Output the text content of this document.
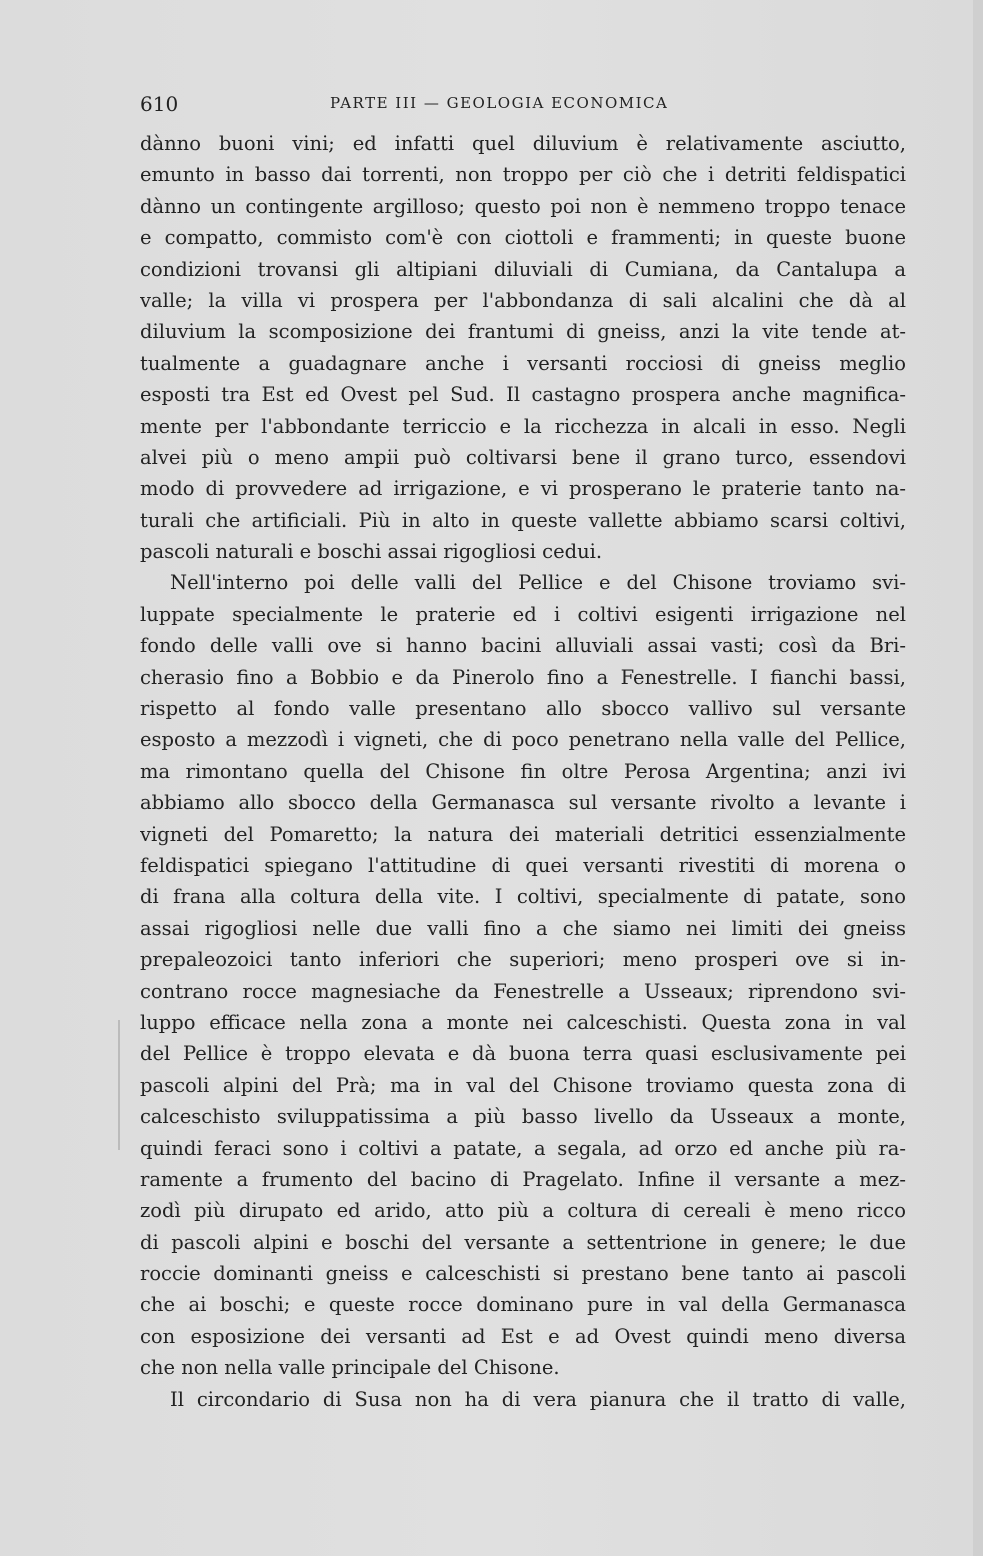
610	PARTE III — GEOLOGIA ECONOMICA
dànno buoni vini; ed infatti quel diluvium è relativamente asciutto,
emunto in basso dai torrenti, non troppo per ciò che i detriti feldispatici
dànno un contingente argilloso; questo poi non è nemmeno troppo tenace
e compatto, commisto com'è con ciottoli e frammenti; in queste buone
condizioni trovansi gli altipiani diluviali di Cumiana, da Cantalupa a
valle; la villa vi prospera per l'abbondanza di sali alcalini che dà al
diluvium la scomposizione dei frantumi di gneiss, anzi la vite tende at-
tualmente a guadagnare anche i versanti rocciosi di gneiss meglio
esposti tra Est ed Ovest pel Sud. Il castagno prospera anche magnifica-
mente per l'abbondante terriccio e la ricchezza in alcali in esso. Negli
alvei più o meno ampii può coltivarsi bene il grano turco, essendovi
modo di provvedere ad irrigazione, e vi prosperano le praterie tanto na-
turali che artificiali. Più in alto in queste vallette abbiamo scarsi coltivi,
pascoli naturali e boschi assai rigogliosi cedui.
Nell'interno poi delle valli del Pellice e del Chisone troviamo svi-
luppate specialmente le praterie ed i coltivi esigenti irrigazione nel
fondo delle valli ove si hanno bacini alluviali assai vasti; così da Bri-
cherasio fino a Bobbio e da Pinerolo fino a Fenestrelle. I fianchi bassi,
rispetto al fondo valle presentano allo sbocco vallivo sul versante
esposto a mezzodì i vigneti, che di poco penetrano nella valle del Pellice,
ma rimontano quella del Chisone fin oltre Perosa Argentina; anzi ivi
abbiamo allo sbocco della Germanasca sul versante rivolto a levante i
vigneti del Pomaretto; la natura dei materiali detritici essenzialmente
feldispatici spiegano l'attitudine di quei versanti rivestiti di morena o
di frana alla coltura della vite. I coltivi, specialmente di patate, sono
assai rigogliosi nelle due valli fino a che siamo nei limiti dei gneiss
prepaleozoici tanto inferiori che superiori; meno prosperi ove si in-
contrano rocce magnesiache da Fenestrelle a Usseaux; riprendono svi-
luppo efficace nella zona a monte nei calceschisti. Questa zona in val
del Pellice è troppo elevata e dà buona terra quasi esclusivamente pei
pascoli alpini del Prà; ma in val del Chisone troviamo questa zona di
calceschisto sviluppatissima a più basso livello da Usseaux a monte,
quindi feraci sono i coltivi a patate, a segala, ad orzo ed anche più ra-
ramente a frumento del bacino di Pragelato. Infine il versante a mez-
zodì più dirupato ed arido, atto più a coltura di cereali è meno ricco
di pascoli alpini e boschi del versante a settentrione in genere; le due
roccie dominanti gneiss e calceschisti si prestano bene tanto ai pascoli
che ai boschi; e queste rocce dominano pure in val della Germanasca
con esposizione dei versanti ad Est e ad Ovest quindi meno diversa
che non nella valle principale del Chisone.
Il circondario di Susa non ha di vera pianura che il tratto di valle,
